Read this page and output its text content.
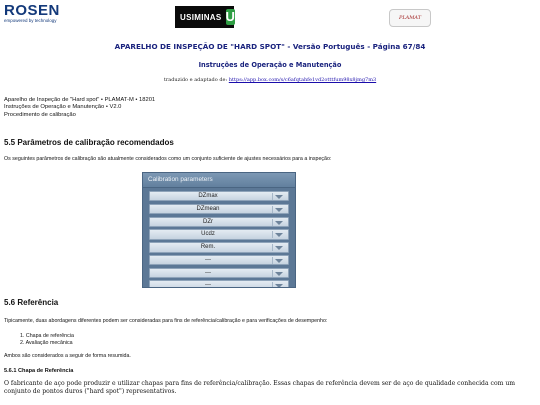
ROSEN
empowered by technology	USIMINAS U	PLAMAT
APARELHO DE INSPEÇÃO DE "HARD SPOT" - Versão Português - Página 67/84
Instruções de Operação e Manutenção
traduzido e adaptado de: https://app.box.com/s/c6afqtahfe1vd2otttfum98x8jmg7m3
Aparelho de Inspeção de "Hard spot" • PLAMAT-M • 18201
Instruções de Operação e Manutenção • V2.0
Procedimento de calibração
5.5 Parâmetros de calibração recomendados
Os seguintes parâmetros de calibração são atualmente considerados como um conjunto suficiente de ajustes necessários para a inspeção:
Calibration parameters
DZmax
DZmean
DZr
Ucdz
Rem.
---
---
---
5.6 Referência
Tipicamente, duas abordagens diferentes podem ser consideradas para fins de referência/calibração e para verificações de desempenho:
1. Chapa de referência
2. Avaliação mecânica
Ambos são considerados a seguir de forma resumida.
5.6.1 Chapa de Referência
O fabricante de aço pode produzir e utilizar chapas para fins de referência/calibração. Essas chapas de referência devem ser de aço de qualidade conhecida com um conjunto de pontos duros ("hard spot") representativos.
